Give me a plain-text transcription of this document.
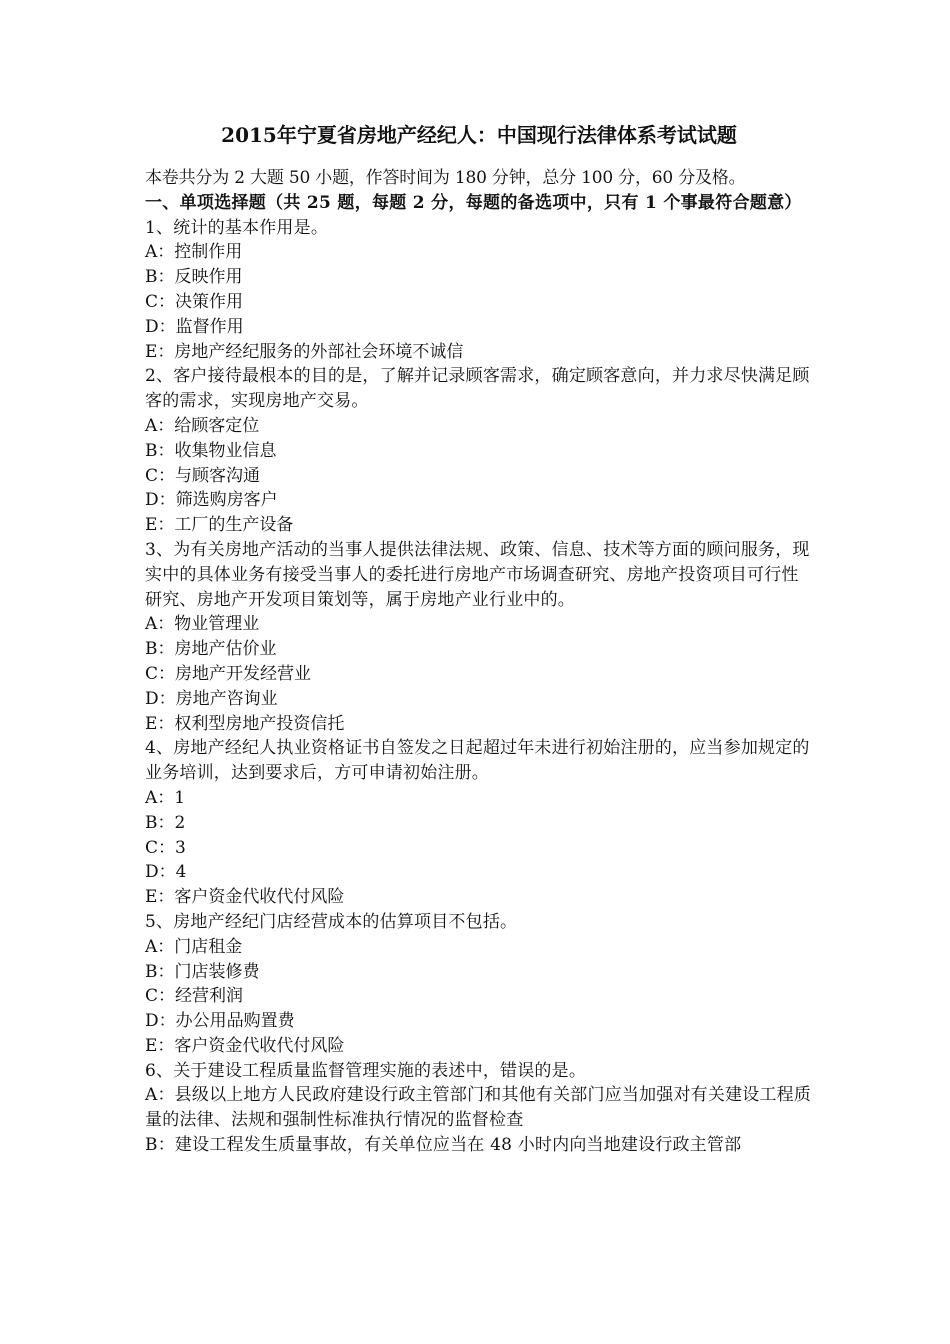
2015年宁夏省房地产经纪人：中国现行法律体系考试试题
本卷共分为 2 大题 50 小题，作答时间为 180 分钟，总分 100 分，60 分及格。
一、单项选择题（共 25 题，每题 2 分，每题的备选项中，只有 1 个事最符合题意）
1、统计的基本作用是。
A：控制作用
B：反映作用
C：决策作用
D：监督作用
E：房地产经纪服务的外部社会环境不诚信
2、客户接待最根本的目的是，了解并记录顾客需求，确定顾客意向，并力求尽快满足顾客的需求，实现房地产交易。
A：给顾客定位
B：收集物业信息
C：与顾客沟通
D：筛选购房客户
E：工厂的生产设备
3、为有关房地产活动的当事人提供法律法规、政策、信息、技术等方面的顾问服务，现实中的具体业务有接受当事人的委托进行房地产市场调查研究、房地产投资项目可行性研究、房地产开发项目策划等，属于房地产业行业中的。
A：物业管理业
B：房地产估价业
C：房地产开发经营业
D：房地产咨询业
E：权利型房地产投资信托
4、房地产经纪人执业资格证书自签发之日起超过年未进行初始注册的，应当参加规定的业务培训，达到要求后，方可申请初始注册。
A：1
B：2
C：3
D：4
E：客户资金代收代付风险
5、房地产经纪门店经营成本的估算项目不包括。
A：门店租金
B：门店装修费
C：经营利润
D：办公用品购置费
E：客户资金代收代付风险
6、关于建设工程质量监督管理实施的表述中，错误的是。
A：县级以上地方人民政府建设行政主管部门和其他有关部门应当加强对有关建设工程质量的法律、法规和强制性标准执行情况的监督检查
B：建设工程发生质量事故，有关单位应当在 48 小时内向当地建设行政主管部
